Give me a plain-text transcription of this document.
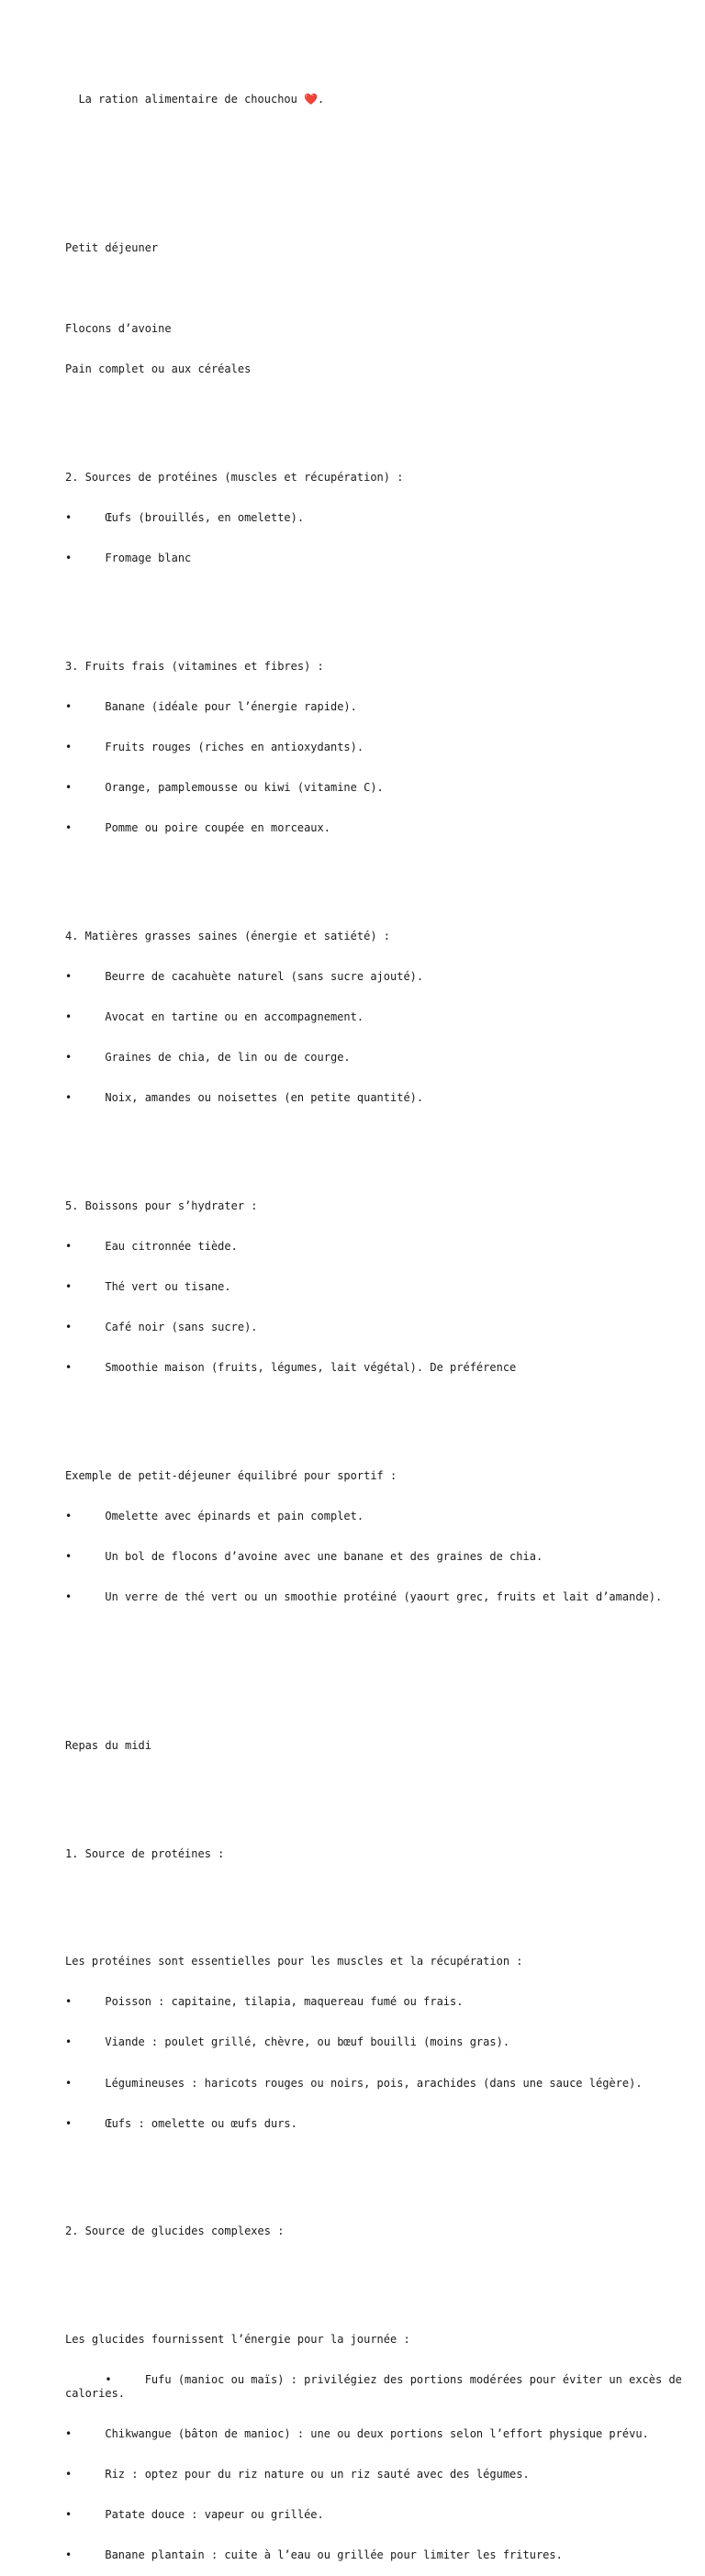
La ration alimentaire de chouchou ❤️.

Petit déjeuner

Flocons d’avoine

Pain complet ou aux céréales

2. Sources de protéines (muscles et récupération) :

•     Œufs (brouillés, en omelette).

•     Fromage blanc

3. Fruits frais (vitamines et fibres) :

•     Banane (idéale pour l’énergie rapide).

•     Fruits rouges (riches en antioxydants).

•     Orange, pamplemousse ou kiwi (vitamine C).

•     Pomme ou poire coupée en morceaux.

4. Matières grasses saines (énergie et satiété) :

•     Beurre de cacahuète naturel (sans sucre ajouté).

•     Avocat en tartine ou en accompagnement.

•     Graines de chia, de lin ou de courge.

•     Noix, amandes ou noisettes (en petite quantité).

5. Boissons pour s’hydrater :

•     Eau citronnée tiède.

•     Thé vert ou tisane.

•     Café noir (sans sucre).

•     Smoothie maison (fruits, légumes, lait végétal). De préférence

Exemple de petit-déjeuner équilibré pour sportif :

•     Omelette avec épinards et pain complet.

•     Un bol de flocons d’avoine avec une banane et des graines de chia.

•     Un verre de thé vert ou un smoothie protéiné (yaourt grec, fruits et lait d’amande).

Repas du midi

1. Source de protéines :

Les protéines sont essentielles pour les muscles et la récupération :

•     Poisson : capitaine, tilapia, maquereau fumé ou frais.

•     Viande : poulet grillé, chèvre, ou bœuf bouilli (moins gras).

•     Légumineuses : haricots rouges ou noirs, pois, arachides (dans une sauce légère).

•     Œufs : omelette ou œufs durs.

2. Source de glucides complexes :

Les glucides fournissent l’énergie pour la journée :

•     Fufu (manioc ou maïs) : privilégiez des portions modérées pour éviter un excès de calories.

•     Chikwangue (bâton de manioc) : une ou deux portions selon l’effort physique prévu.

•     Riz : optez pour du riz nature ou un riz sauté avec des légumes.

•     Patate douce : vapeur ou grillée.

•     Banane plantain : cuite à l’eau ou grillée pour limiter les fritures.
